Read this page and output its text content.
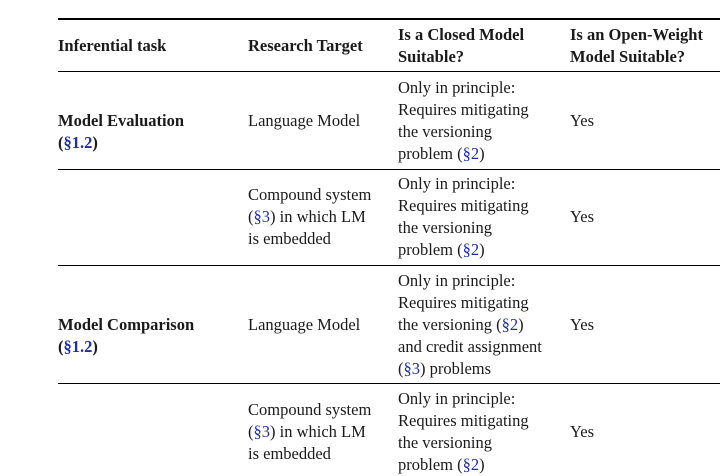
Inferential task	Research Target
Is a Closed Model
Suitable?
Is an Open-Weight
Model Suitable?
Model Evaluation
(§1.2)
Language Model
Only in principle:
Requires mitigating
the versioning
problem (§2)
Yes
Compound system
(§3) in which LM
is embedded
Only in principle:
Requires mitigating
the versioning
problem (§2)
Yes
Model Comparison
(§1.2)
Language Model
Only in principle:
Requires mitigating
the versioning (§2)
and credit assignment
(§3) problems
Yes
Compound system
(§3) in which LM
is embedded
Only in principle:
Requires mitigating
the versioning
problem (§2)
Yes
